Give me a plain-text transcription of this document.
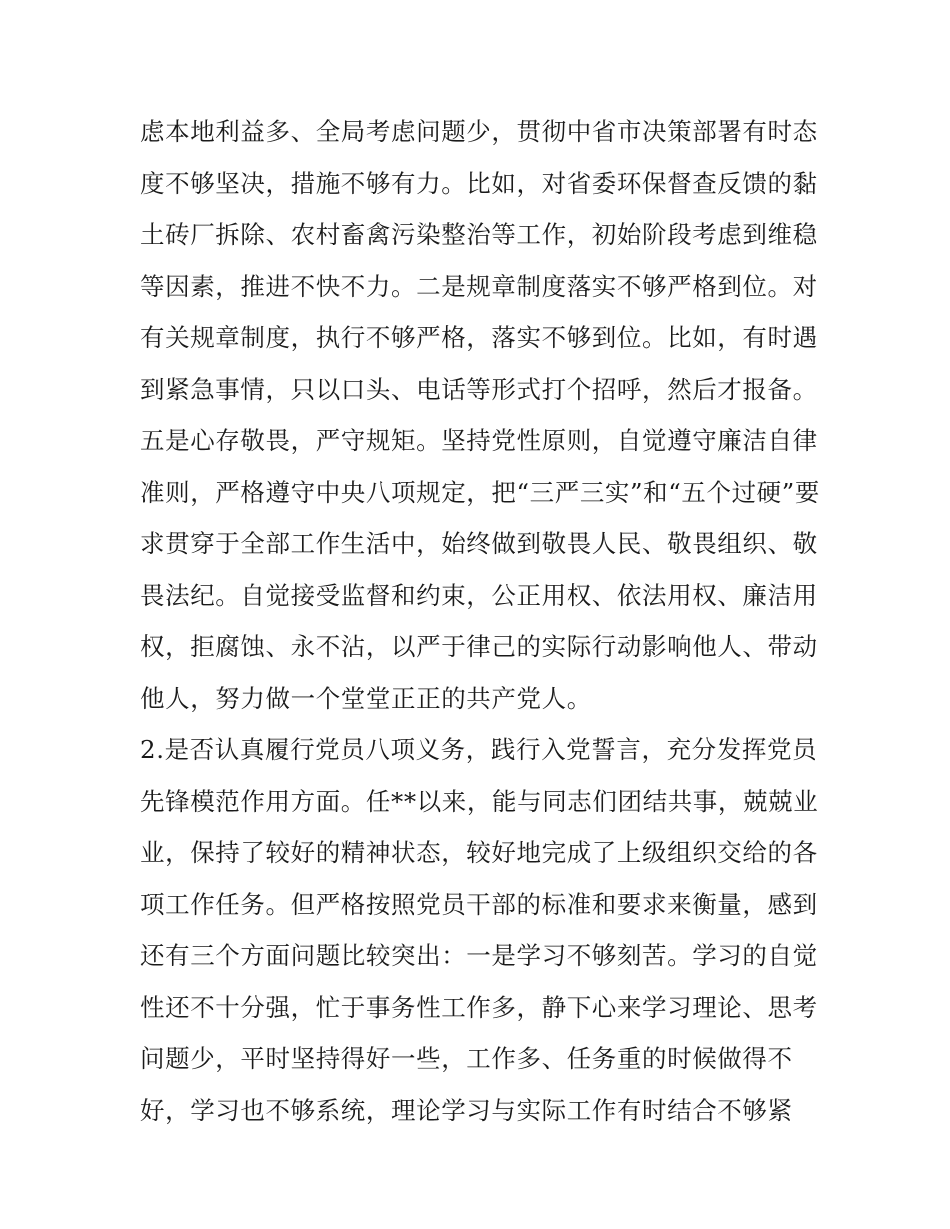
虑本地利益多、全局考虑问题少，贯彻中省市决策部署有时态
度不够坚决，措施不够有力。比如，对省委环保督查反馈的黏
土砖厂拆除、农村畜禽污染整治等工作，初始阶段考虑到维稳
等因素，推进不快不力。二是规章制度落实不够严格到位。对
有关规章制度，执行不够严格，落实不够到位。比如，有时遇
到紧急事情，只以口头、电话等形式打个招呼，然后才报备。
五是心存敬畏，严守规矩。坚持党性原则，自觉遵守廉洁自律
准则，严格遵守中央八项规定，把“三严三实”和“五个过硬”要
求贯穿于全部工作生活中，始终做到敬畏人民、敬畏组织、敬
畏法纪。自觉接受监督和约束，公正用权、依法用权、廉洁用
权，拒腐蚀、永不沾，以严于律己的实际行动影响他人、带动
他人，努力做一个堂堂正正的共产党人。
2.是否认真履行党员八项义务，践行入党誓言，充分发挥党员
先锋模范作用方面。任**以来，能与同志们团结共事，兢兢业
业，保持了较好的精神状态，较好地完成了上级组织交给的各
项工作任务。但严格按照党员干部的标准和要求来衡量，感到
还有三个方面问题比较突出：一是学习不够刻苦。学习的自觉
性还不十分强，忙于事务性工作多，静下心来学习理论、思考
问题少，平时坚持得好一些，工作多、任务重的时候做得不
好，学习也不够系统，理论学习与实际工作有时结合不够紧
